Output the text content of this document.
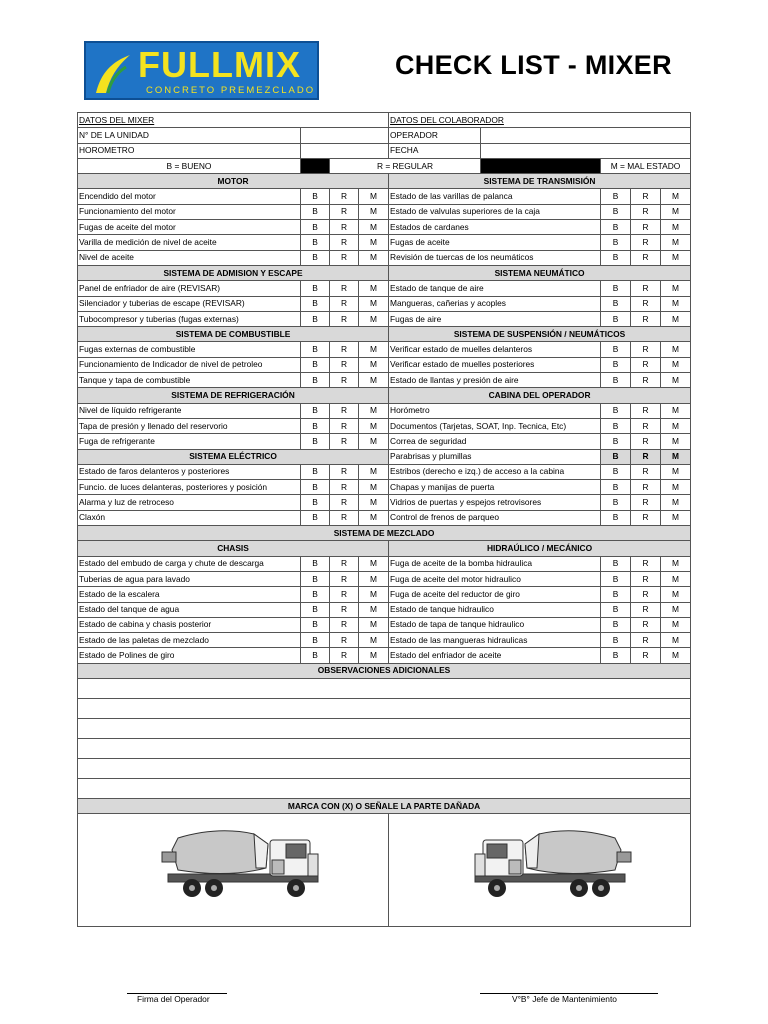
FULLMIX
CONCRETO PREMEZCLADO
CHECK LIST - MIXER
DATOS DEL MIXER				DATOS DEL COLABORADOR				
N° DE LA UNIDAD				OPERADOR				
HOROMETRO				FECHA				
B = BUENO		R = REGULAR				M = MAL ESTADO		
MOTOR				SISTEMA DE TRANSMISIÓN				
Encendido del motor	B	R	M	Estado de las varillas de palanca		B	R	M
Funcionamiento del motor	B	R	M	Estado de valvulas superiores de la caja		B	R	M
Fugas de aceite del motor	B	R	M	Estados de cardanes		B	R	M
Varilla de medición de nivel de aceite	B	R	M	Fugas de aceite		B	R	M
Nivel de aceite	B	R	M	Revisión de tuercas de los neumáticos		B	R	M
SISTEMA DE ADMISION Y ESCAPE				SISTEMA NEUMÁTICO				
Panel de enfriador de aire (REVISAR)	B	R	M	Estado de tanque de aire		B	R	M
Silenciador y tuberias de escape (REVISAR)	B	R	M	Mangueras, cañerias y acoples		B	R	M
Tubocompresor y tuberias (fugas externas)	B	R	M	Fugas de aire		B	R	M
SISTEMA DE COMBUSTIBLE				SISTEMA DE SUSPENSIÓN / NEUMÁTICOS				
Fugas externas de combustible	B	R	M	Verificar estado de muelles delanteros		B	R	M
Funcionamiento de Indicador de nivel de petroleo	B	R	M	Verificar estado de muelles posteriores		B	R	M
Tanque y tapa de combustible	B	R	M	Estado de llantas y presión de aire		B	R	M
SISTEMA DE REFRIGERACIÓN				CABINA DEL OPERADOR				
Nivel de líquido refrigerante	B	R	M	Horómetro		B	R	M
Tapa de presión y llenado del reservorio	B	R	M	Documentos (Tarjetas, SOAT, Inp. Tecnica, Etc)		B	R	M
Fuga de refrigerante	B	R	M	Correa de seguridad		B	R	M
SISTEMA ELÉCTRICO				Parabrisas y plumillas		B	R	M
Estado de faros delanteros y posteriores	B	R	M	Estribos (derecho e izq.) de acceso a la cabina		B	R	M
Funcio. de luces delanteras, posteriores y posición	B	R	M	Chapas y manijas de puerta		B	R	M
Alarma y luz de retroceso	B	R	M	Vidrios de puertas y espejos retrovisores		B	R	M
Claxón	B	R	M	Control de frenos de parqueo		B	R	M
SISTEMA DE MEZCLADO								
CHASIS				HIDRAÚLICO / MECÁNICO				
Estado del embudo de carga y chute de descarga	B	R	M	Fuga de aceite de la bomba hidraulica		B	R	M
Tuberias de agua para lavado	B	R	M	Fuga de aceite del motor hidraulico		B	R	M
Estado de la escalera	B	R	M	Fuga de aceite del reductor de giro		B	R	M
Estado del tanque de agua	B	R	M	Estado de tanque hidraulico		B	R	M
Estado de cabina y chasis posterior	B	R	M	Estado de tapa de tanque hidraulico		B	R	M
Estado de las paletas de mezclado	B	R	M	Estado de las mangueras hidraulicas		B	R	M
Estado de Polines de giro	B	R	M	Estado del enfriador de aceite		B	R	M
OBSERVACIONES ADICIONALES								

MARCA CON (X) O SEÑALE LA PARTE DAÑADA								

Firma del Operador	V°B° Jefe de Mantenimiento
